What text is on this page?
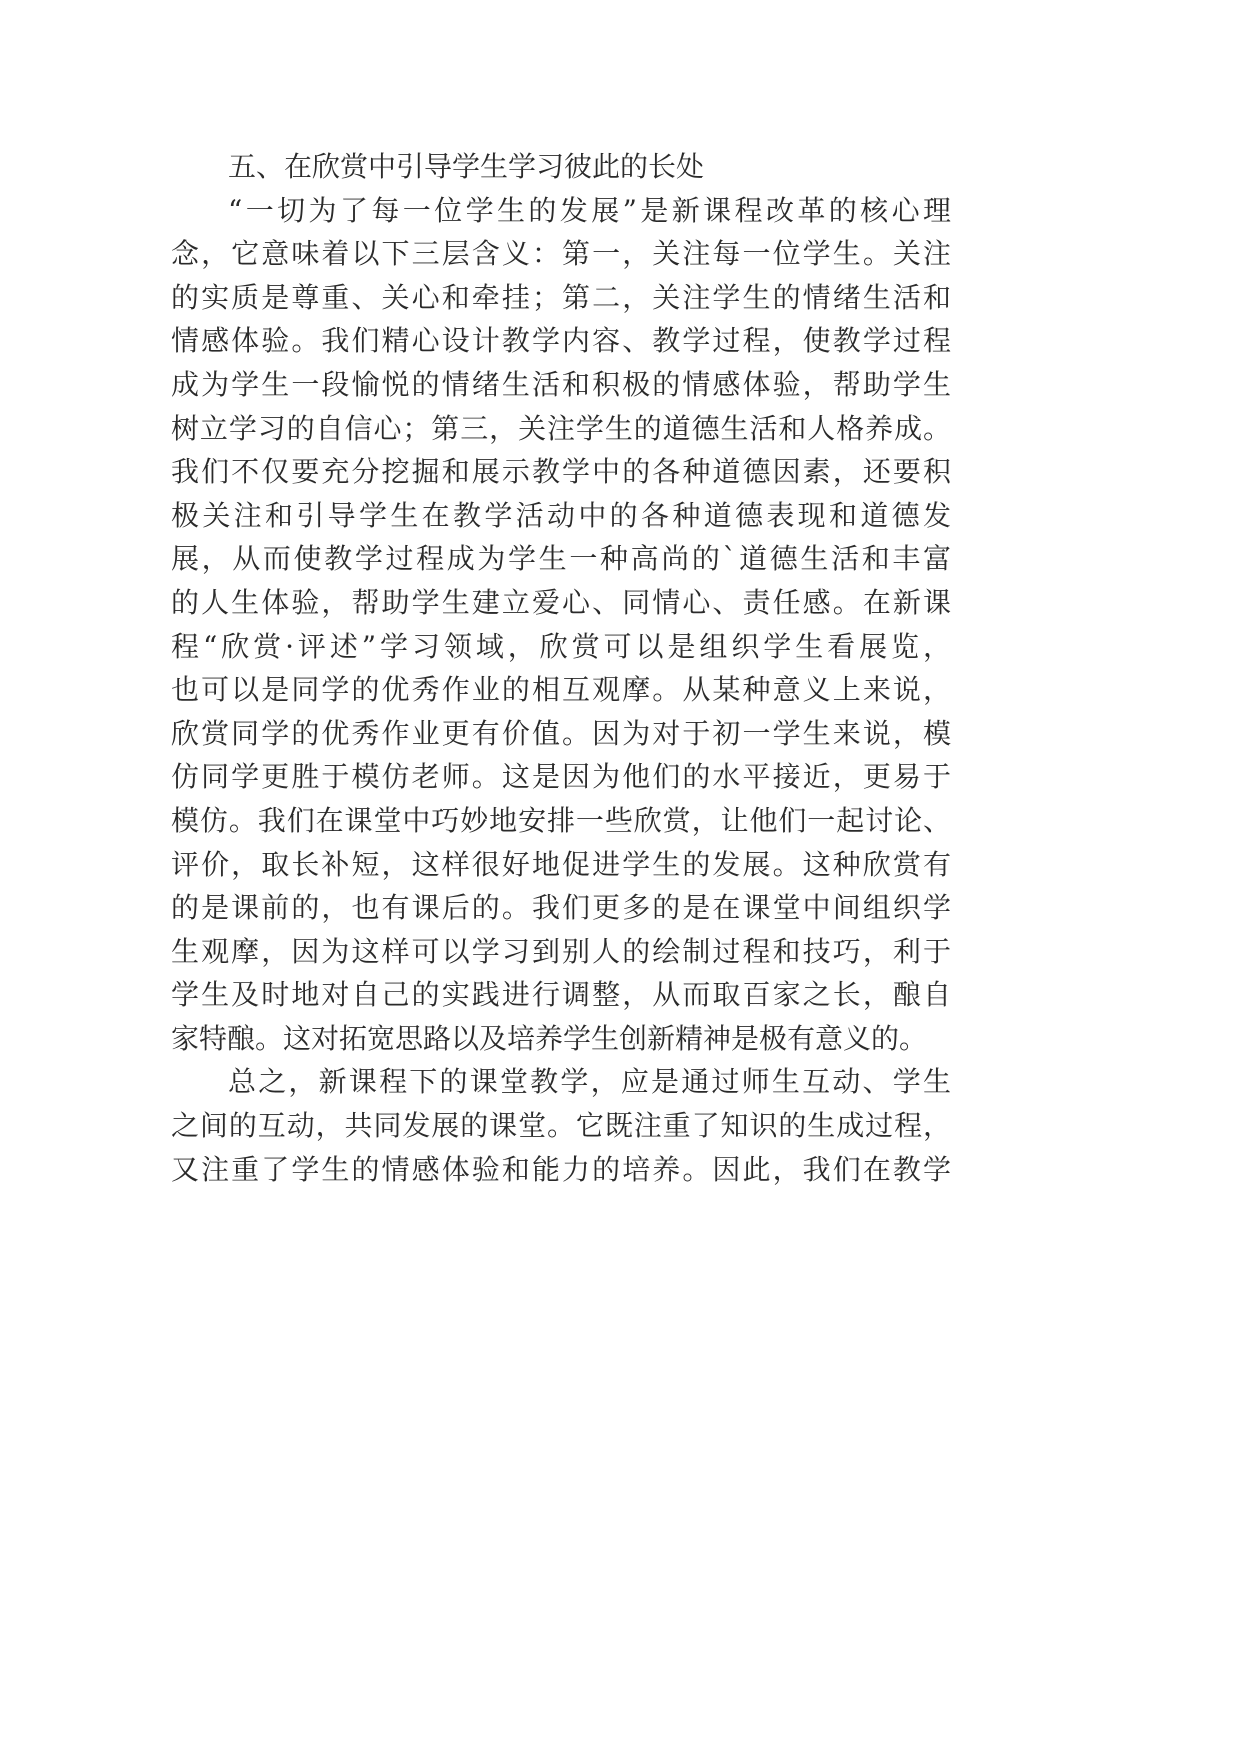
五、在欣赏中引导学生学习彼此的长处
“一切为了每一位学生的发展”是新课程改革的核心理
念，它意味着以下三层含义：第一，关注每一位学生。关注
的实质是尊重、关心和牵挂；第二，关注学生的情绪生活和
情感体验。我们精心设计教学内容、教学过程，使教学过程
成为学生一段愉悦的情绪生活和积极的情感体验，帮助学生
树立学习的自信心；第三，关注学生的道德生活和人格养成。
我们不仅要充分挖掘和展示教学中的各种道德因素，还要积
极关注和引导学生在教学活动中的各种道德表现和道德发
展，从而使教学过程成为学生一种高尚的`道德生活和丰富
的人生体验，帮助学生建立爱心、同情心、责任感。在新课
程“欣赏·评述”学习领域，欣赏可以是组织学生看展览，
也可以是同学的优秀作业的相互观摩。从某种意义上来说，
欣赏同学的优秀作业更有价值。因为对于初一学生来说，模
仿同学更胜于模仿老师。这是因为他们的水平接近，更易于
模仿。我们在课堂中巧妙地安排一些欣赏，让他们一起讨论、
评价，取长补短，这样很好地促进学生的发展。这种欣赏有
的是课前的，也有课后的。我们更多的是在课堂中间组织学
生观摩，因为这样可以学习到别人的绘制过程和技巧，利于
学生及时地对自己的实践进行调整，从而取百家之长，酿自
家特酿。这对拓宽思路以及培养学生创新精神是极有意义的。
总之，新课程下的课堂教学，应是通过师生互动、学生
之间的互动，共同发展的课堂。它既注重了知识的生成过程，
又注重了学生的情感体验和能力的培养。因此，我们在教学
